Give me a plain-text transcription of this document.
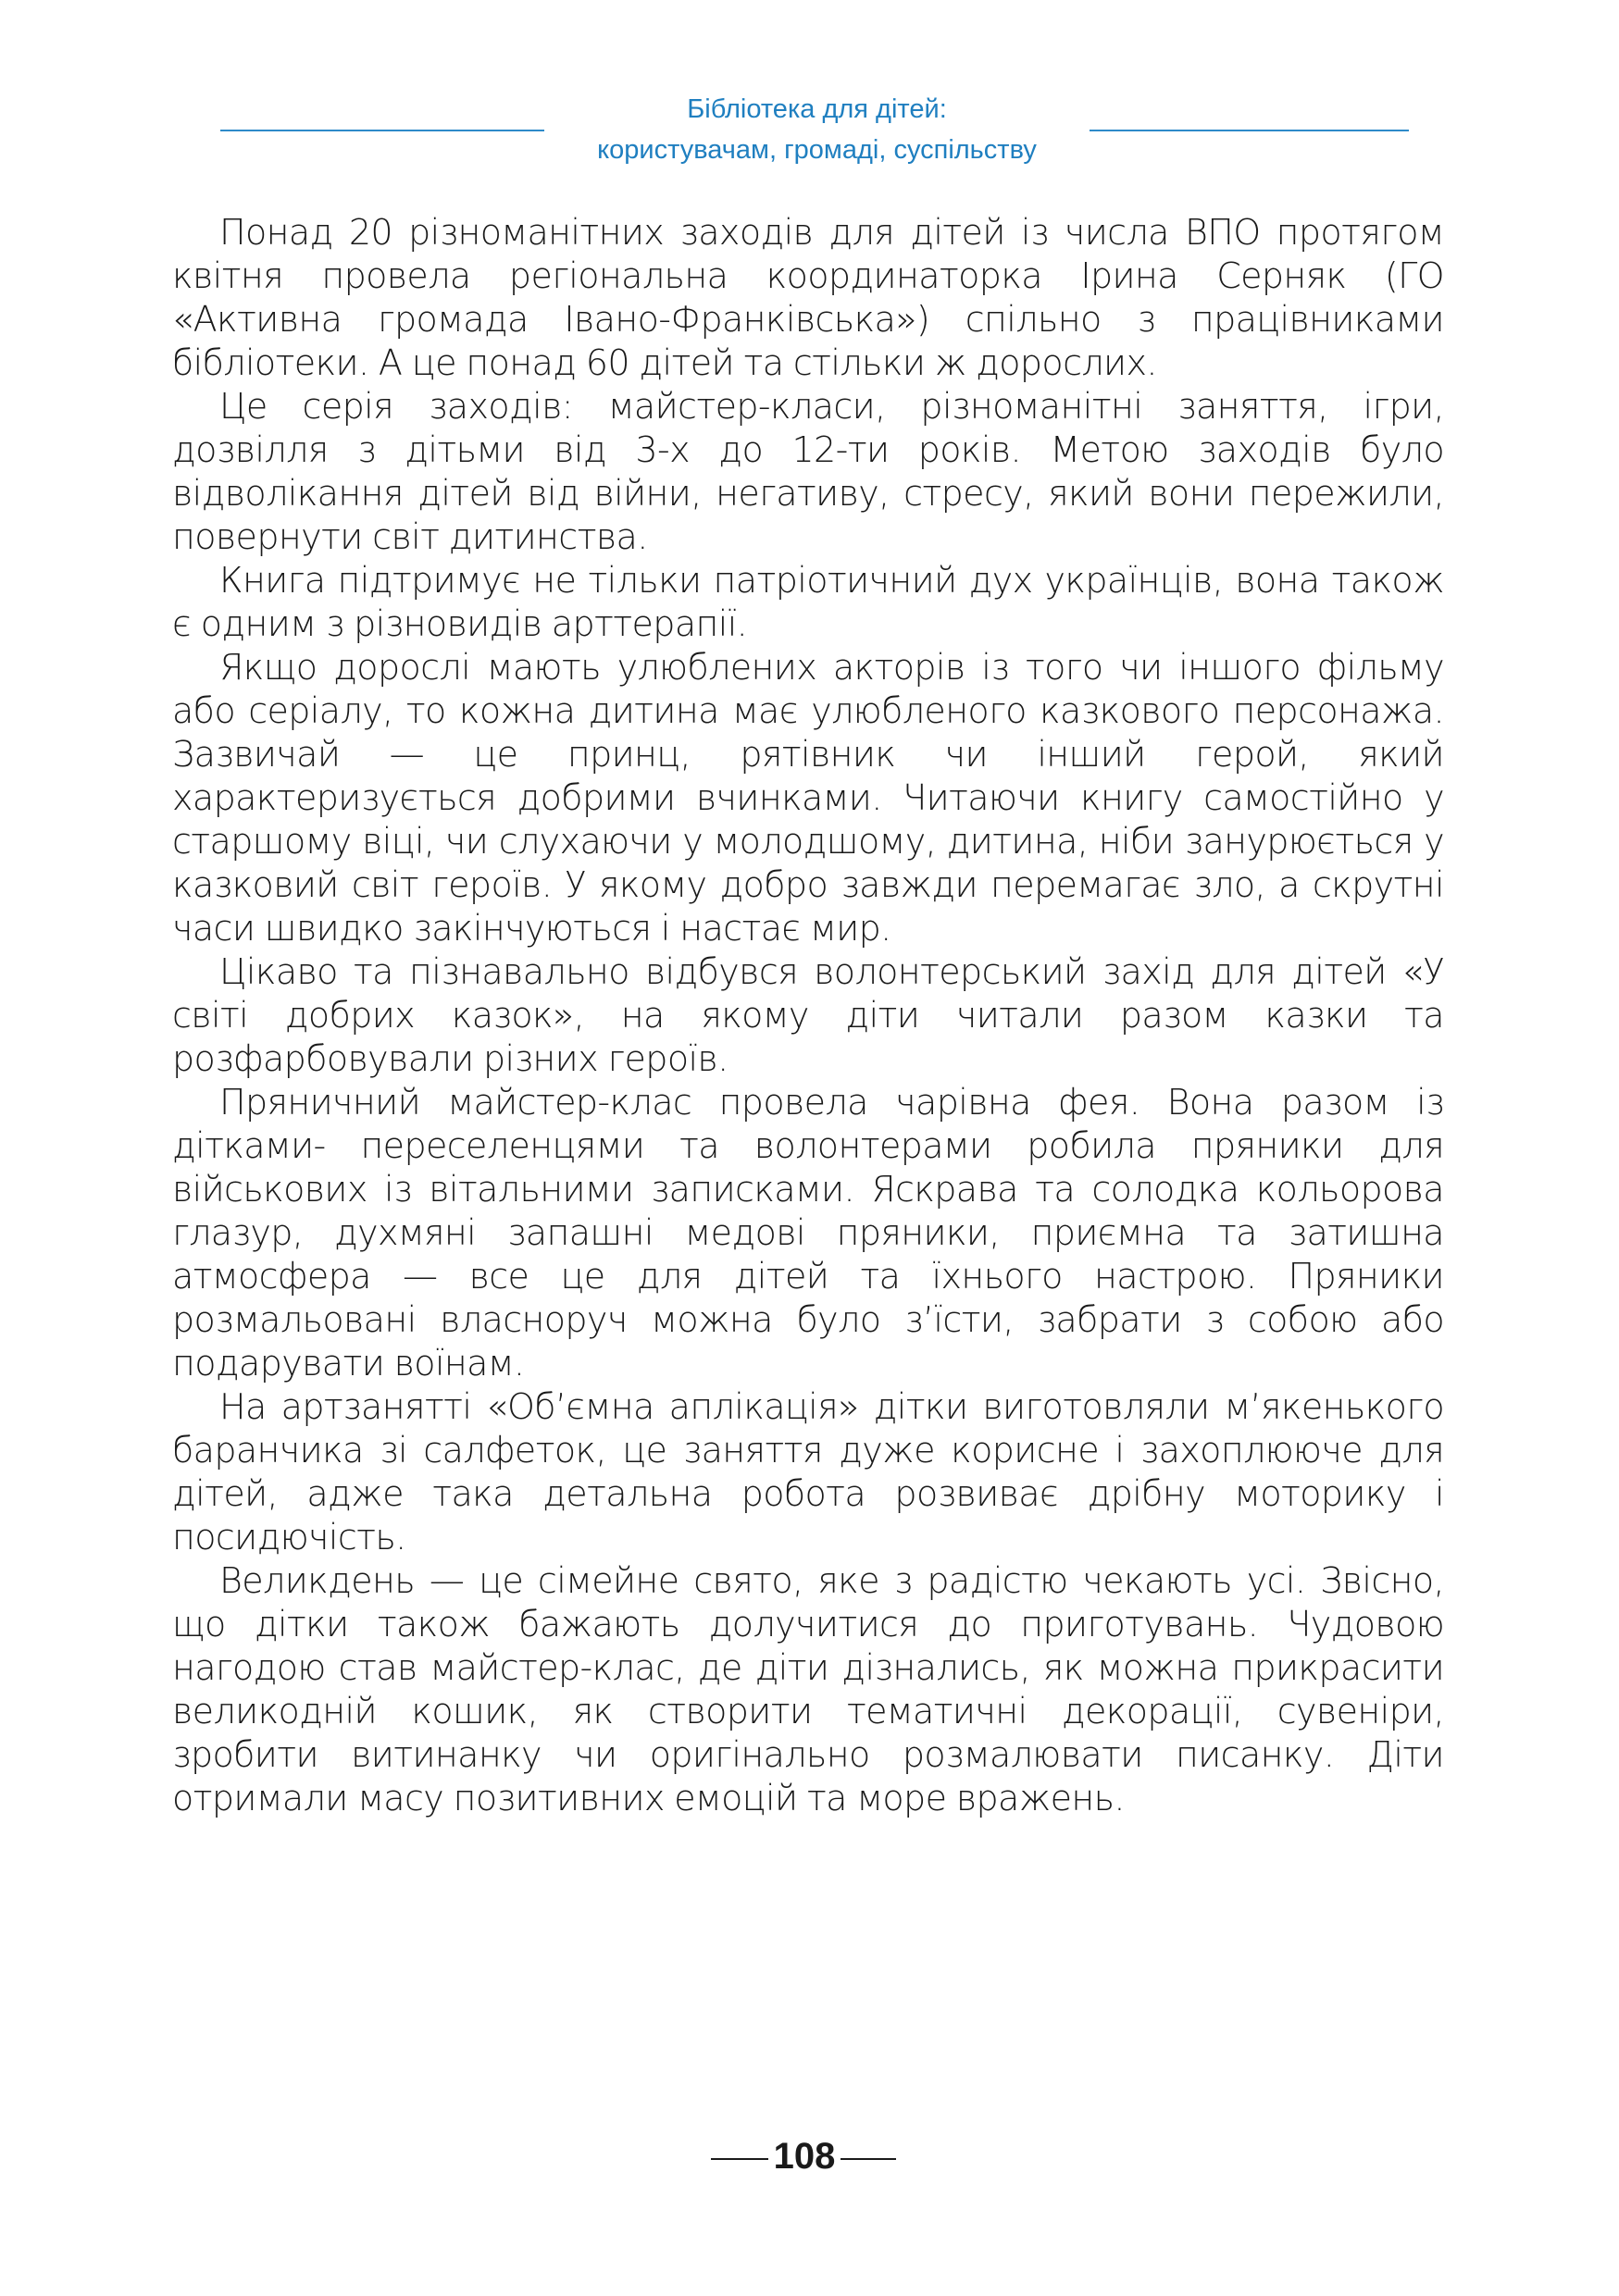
Бібліотека для дітей:
користувачам, громаді, суспільству

Понад 20 різноманітних заходів для дітей із числа ВПО протягом квітня провела регіональна координаторка Ірина Серняк (ГО «Активна громада Івано-Франківська») спільно з працівниками бібліотеки. А це понад 60 дітей та стільки ж дорослих.

Це серія заходів: майстер-класи, різноманітні заняття, ігри, дозвілля з дітьми від 3-х до 12-ти років. Метою заходів було відволікання дітей від війни, негативу, стресу, який вони пережили, повернути світ дитинства.

Книга підтримує не тільки патріотичний дух українців, вона також є одним з різновидів арттерапії.

Якщо дорослі мають улюблених акторів із того чи іншого фільму або серіалу, то кожна дитина має улюбленого казкового персонажа. Зазвичай — це принц, рятівник чи інший герой, який характеризується добрими вчинками. Читаючи книгу самостійно у старшому віці, чи слухаючи у молодшому, дитина, ніби занурюється у казковий світ героїв. У якому добро завжди перемагає зло, а скрутні часи швидко закінчуються і настає мир.

Цікаво та пізнавально відбувся волонтерський захід для дітей «У світі добрих казок», на якому діти читали разом казки та розфарбовували різних героїв.

Пряничний майстер-клас провела чарівна фея. Вона разом із дітками- переселенцями та волонтерами робила пряники для військових із вітальними записками. Яскрава та солодка кольорова глазур, духмяні запашні медові пряники, приємна та затишна атмосфера — все це для дітей та їхнього настрою. Пряники розмальовані власноруч можна було з’їсти, забрати з собою або подарувати воїнам.

На артзанятті «Об’ємна аплікація» дітки виготовляли м’якенького баранчика зі салфеток, це заняття дуже корисне і захоплююче для дітей, адже така детальна робота розвиває дрібну моторику і посидючість.

Великдень — це сімейне свято, яке з радістю чекають усі. Звісно, що дітки також бажають долучитися до приготувань. Чудовою нагодою став майстер-клас, де діти дізнались, як можна прикрасити великодній кошик, як створити тематичні декорації, сувеніри, зробити витинанку чи оригінально розмалювати писанку. Діти отримали масу позитивних емоцій та море вражень.

108
